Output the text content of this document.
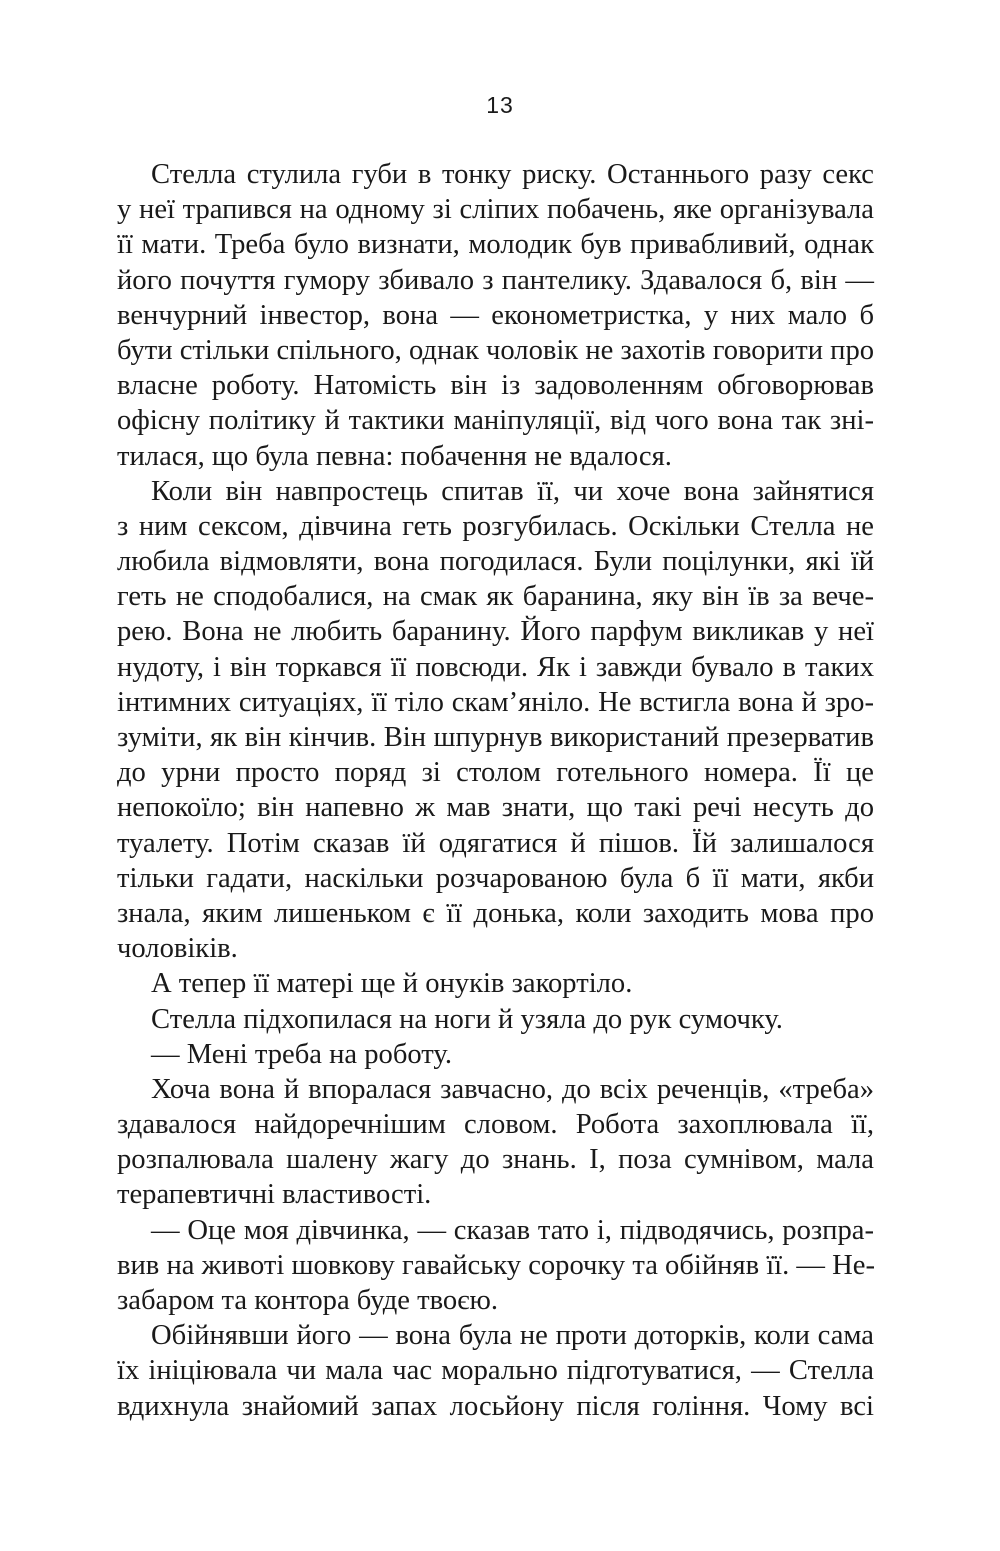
13
Стелла стулила губи в тонку риску. Останнього разу секс
у неї трапився на одному зі сліпих побачень, яке організувала
її мати. Треба було визнати, молодик був привабливий, однак
його почуття гумору збивало з пантелику. Здавалося б, він —
венчурний інвестор, вона — економетристка, у них мало б
бути стільки спільного, однак чоловік не захотів говорити про
власне роботу. Натомість він із задоволенням обговорював
офісну політику й тактики маніпуляції, від чого вона так зні-
тилася, що була певна: побачення не вдалося.
Коли він навпростець спитав її, чи хоче вона зайнятися
з ним сексом, дівчина геть розгубилась. Оскільки Стелла не
любила відмовляти, вона погодилася. Були поцілунки, які їй
геть не сподобалися, на смак як баранина, яку він їв за вече-
рею. Вона не любить баранину. Його парфум викликав у неї
нудоту, і він торкався її повсюди. Як і завжди бувало в таких
інтимних ситуаціях, її тіло скам’яніло. Не встигла вона й зро-
зуміти, як він кінчив. Він шпурнув використаний презерватив
до урни просто поряд зі столом готельного номера. Її це
непокоїло; він напевно ж мав знати, що такі речі несуть до
туалету. Потім сказав їй одягатися й пішов. Їй залишалося
тільки гадати, наскільки розчарованою була б її мати, якби
знала, яким лишеньком є її донька, коли заходить мова про
чоловіків.
А тепер її матері ще й онуків закортіло.
Стелла підхопилася на ноги й узяла до рук сумочку.
— Мені треба на роботу.
Хоча вона й впоралася завчасно, до всіх реченців, «треба»
здавалося найдоречнішим словом. Робота захоплювала її,
розпалювала шалену жагу до знань. І, поза сумнівом, мала
терапевтичні властивості.
— Оце моя дівчинка, — сказав тато і, підводячись, розпра-
вив на животі шовкову гавайську сорочку та обійняв її. — Не-
забаром та контора буде твоєю.
Обійнявши його — вона була не проти доторків, коли сама
їх ініціювала чи мала час морально підготуватися, — Стелла
вдихнула знайомий запах лосьйону після гоління. Чому всі
